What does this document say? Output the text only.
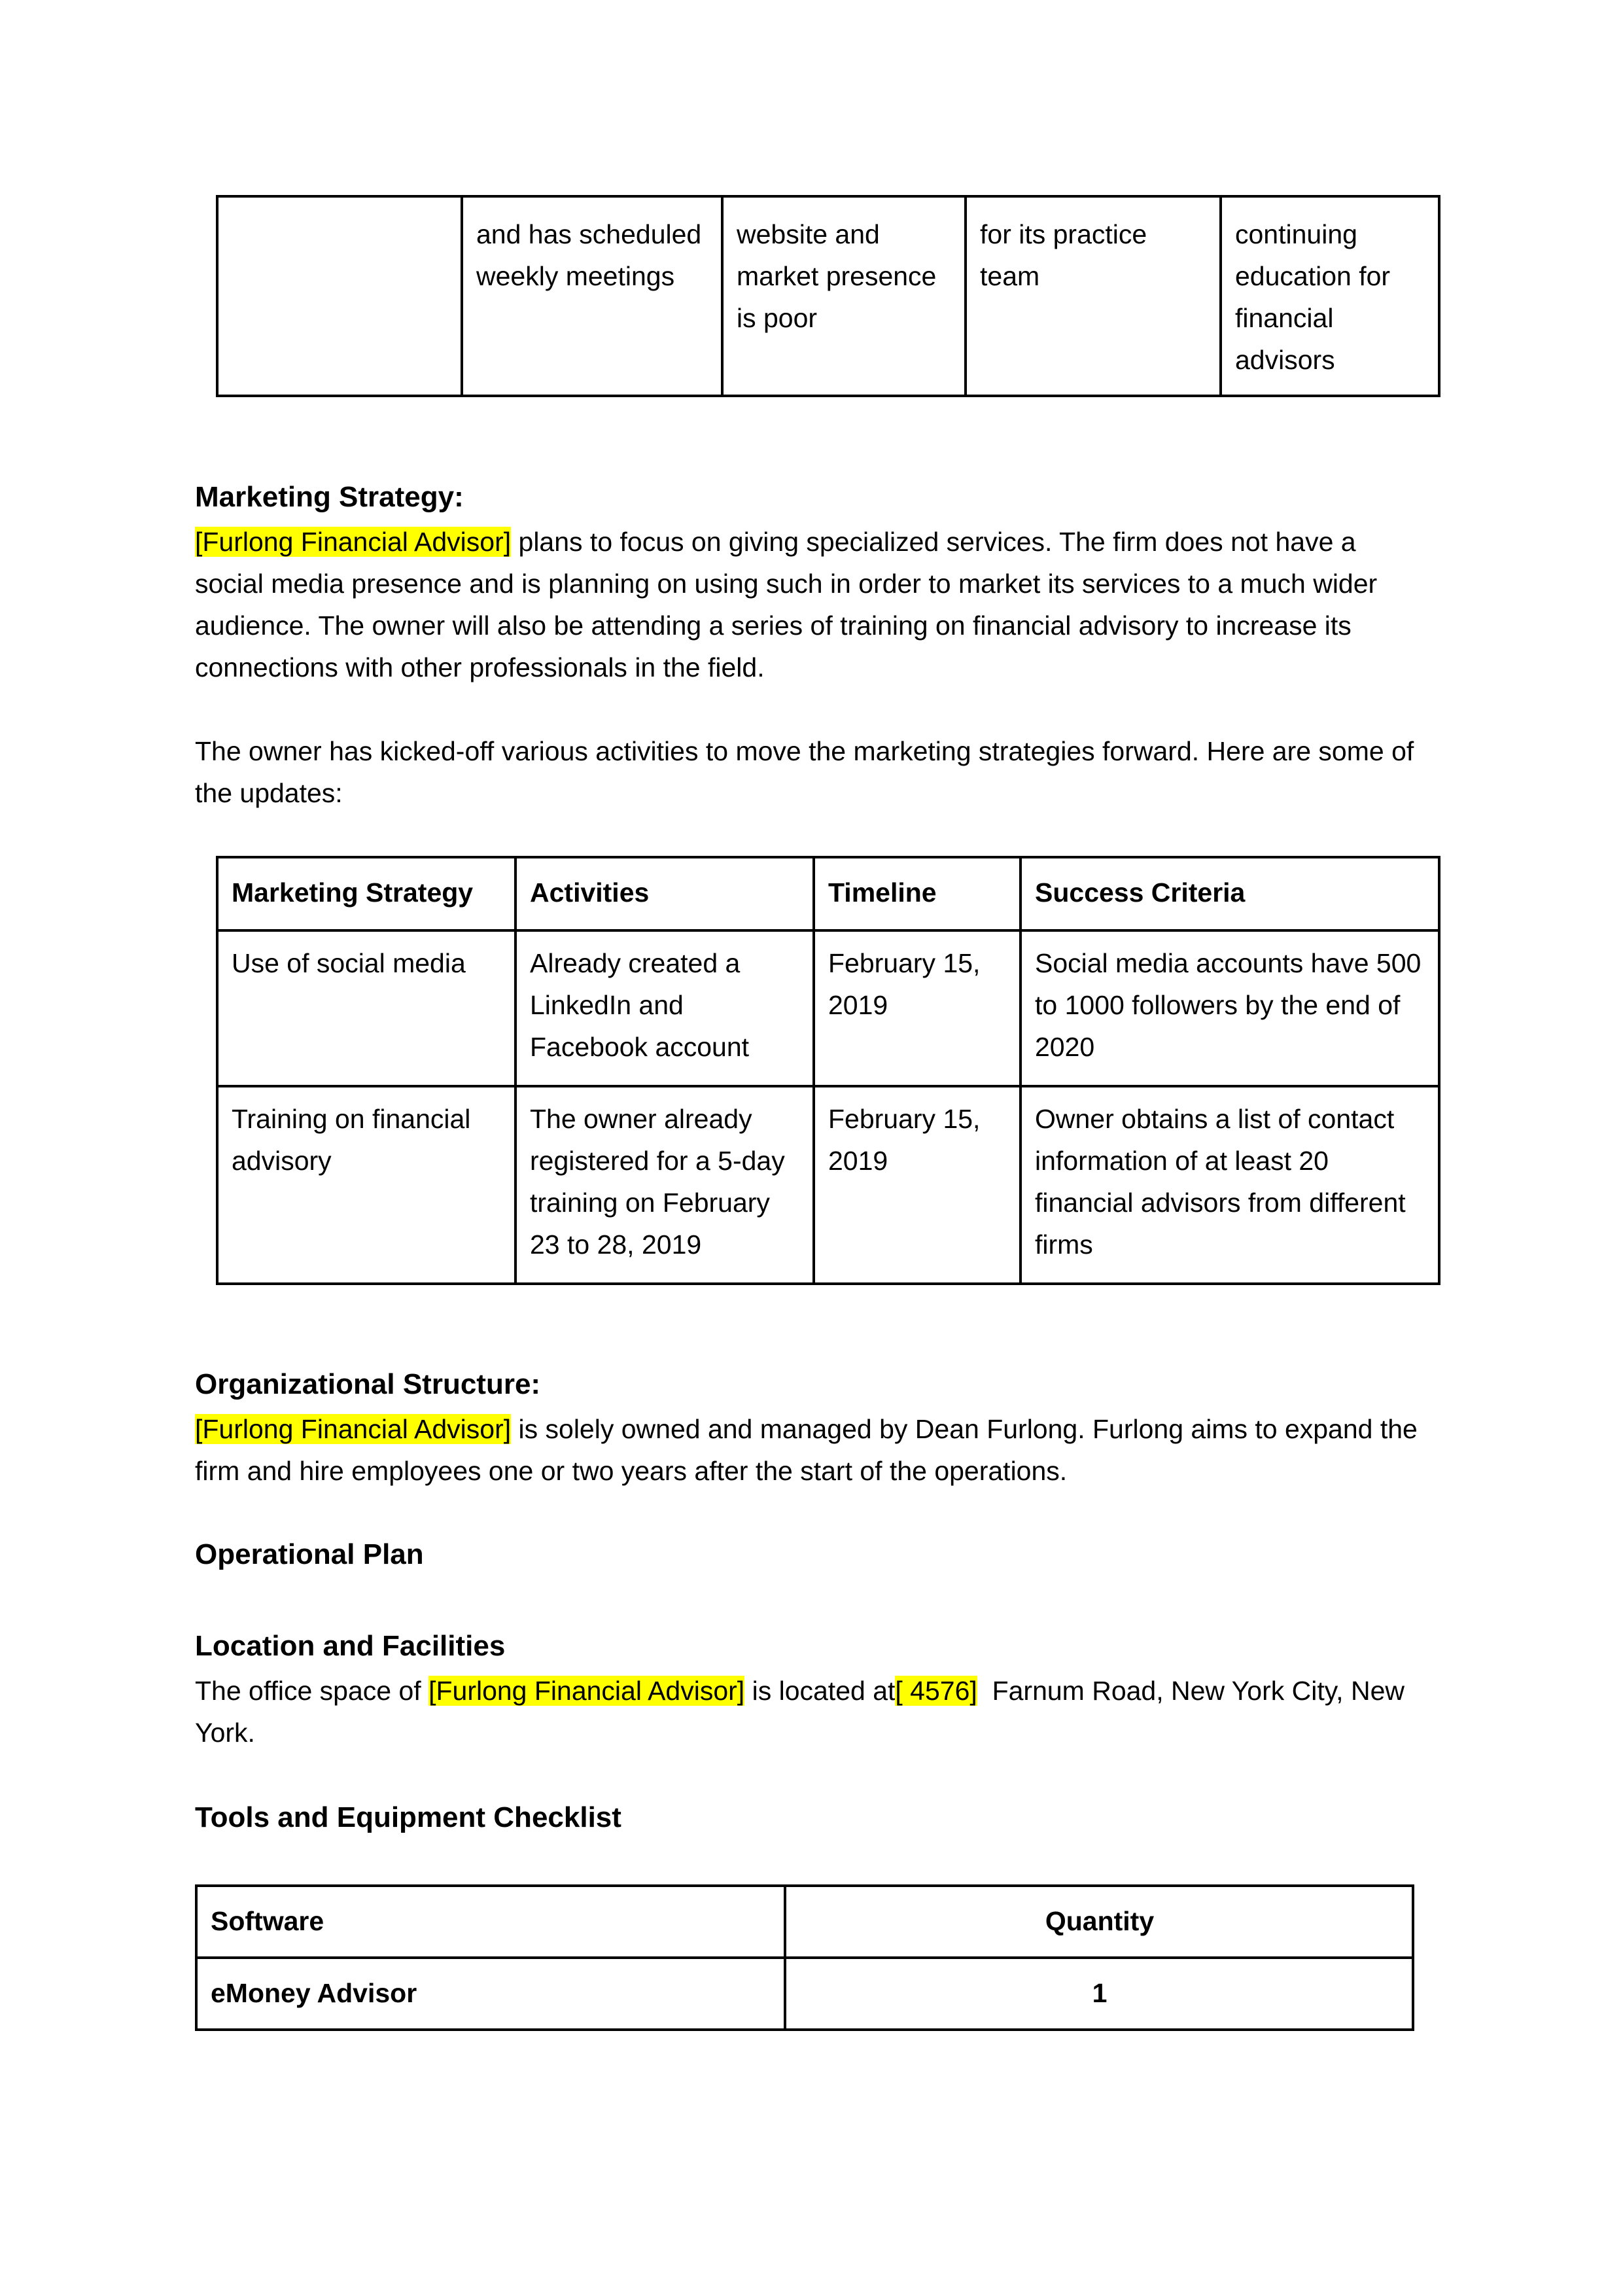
	and has scheduled weekly meetings	website and market presence is poor	for its practice team	continuing education for financial advisors
Marketing Strategy:
[Furlong Financial Advisor] plans to focus on giving specialized services. The firm does not have a social media presence and is planning on using such in order to market its services to a much wider audience. The owner will also be attending a series of training on financial advisory to increase its connections with other professionals in the field.
The owner has kicked-off various activities to move the marketing strategies forward. Here are some of the updates:
Marketing Strategy	Activities	Timeline	Success Criteria
Use of social media	Already created a LinkedIn and Facebook account	February 15, 2019	Social media accounts have 500 to 1000 followers by the end of 2020
Training on financial advisory	The owner already registered for a 5-day training on February 23 to 28, 2019	February 15, 2019	Owner obtains a list of contact information of at least 20 financial advisors from different firms
Organizational Structure:
[Furlong Financial Advisor] is solely owned and managed by Dean Furlong. Furlong aims to expand the firm and hire employees one or two years after the start of the operations.
Operational Plan
Location and Facilities
The office space of [Furlong Financial Advisor] is located at[ 4576]  Farnum Road, New York City, New York.
Tools and Equipment Checklist
Software	Quantity
eMoney Advisor	1
